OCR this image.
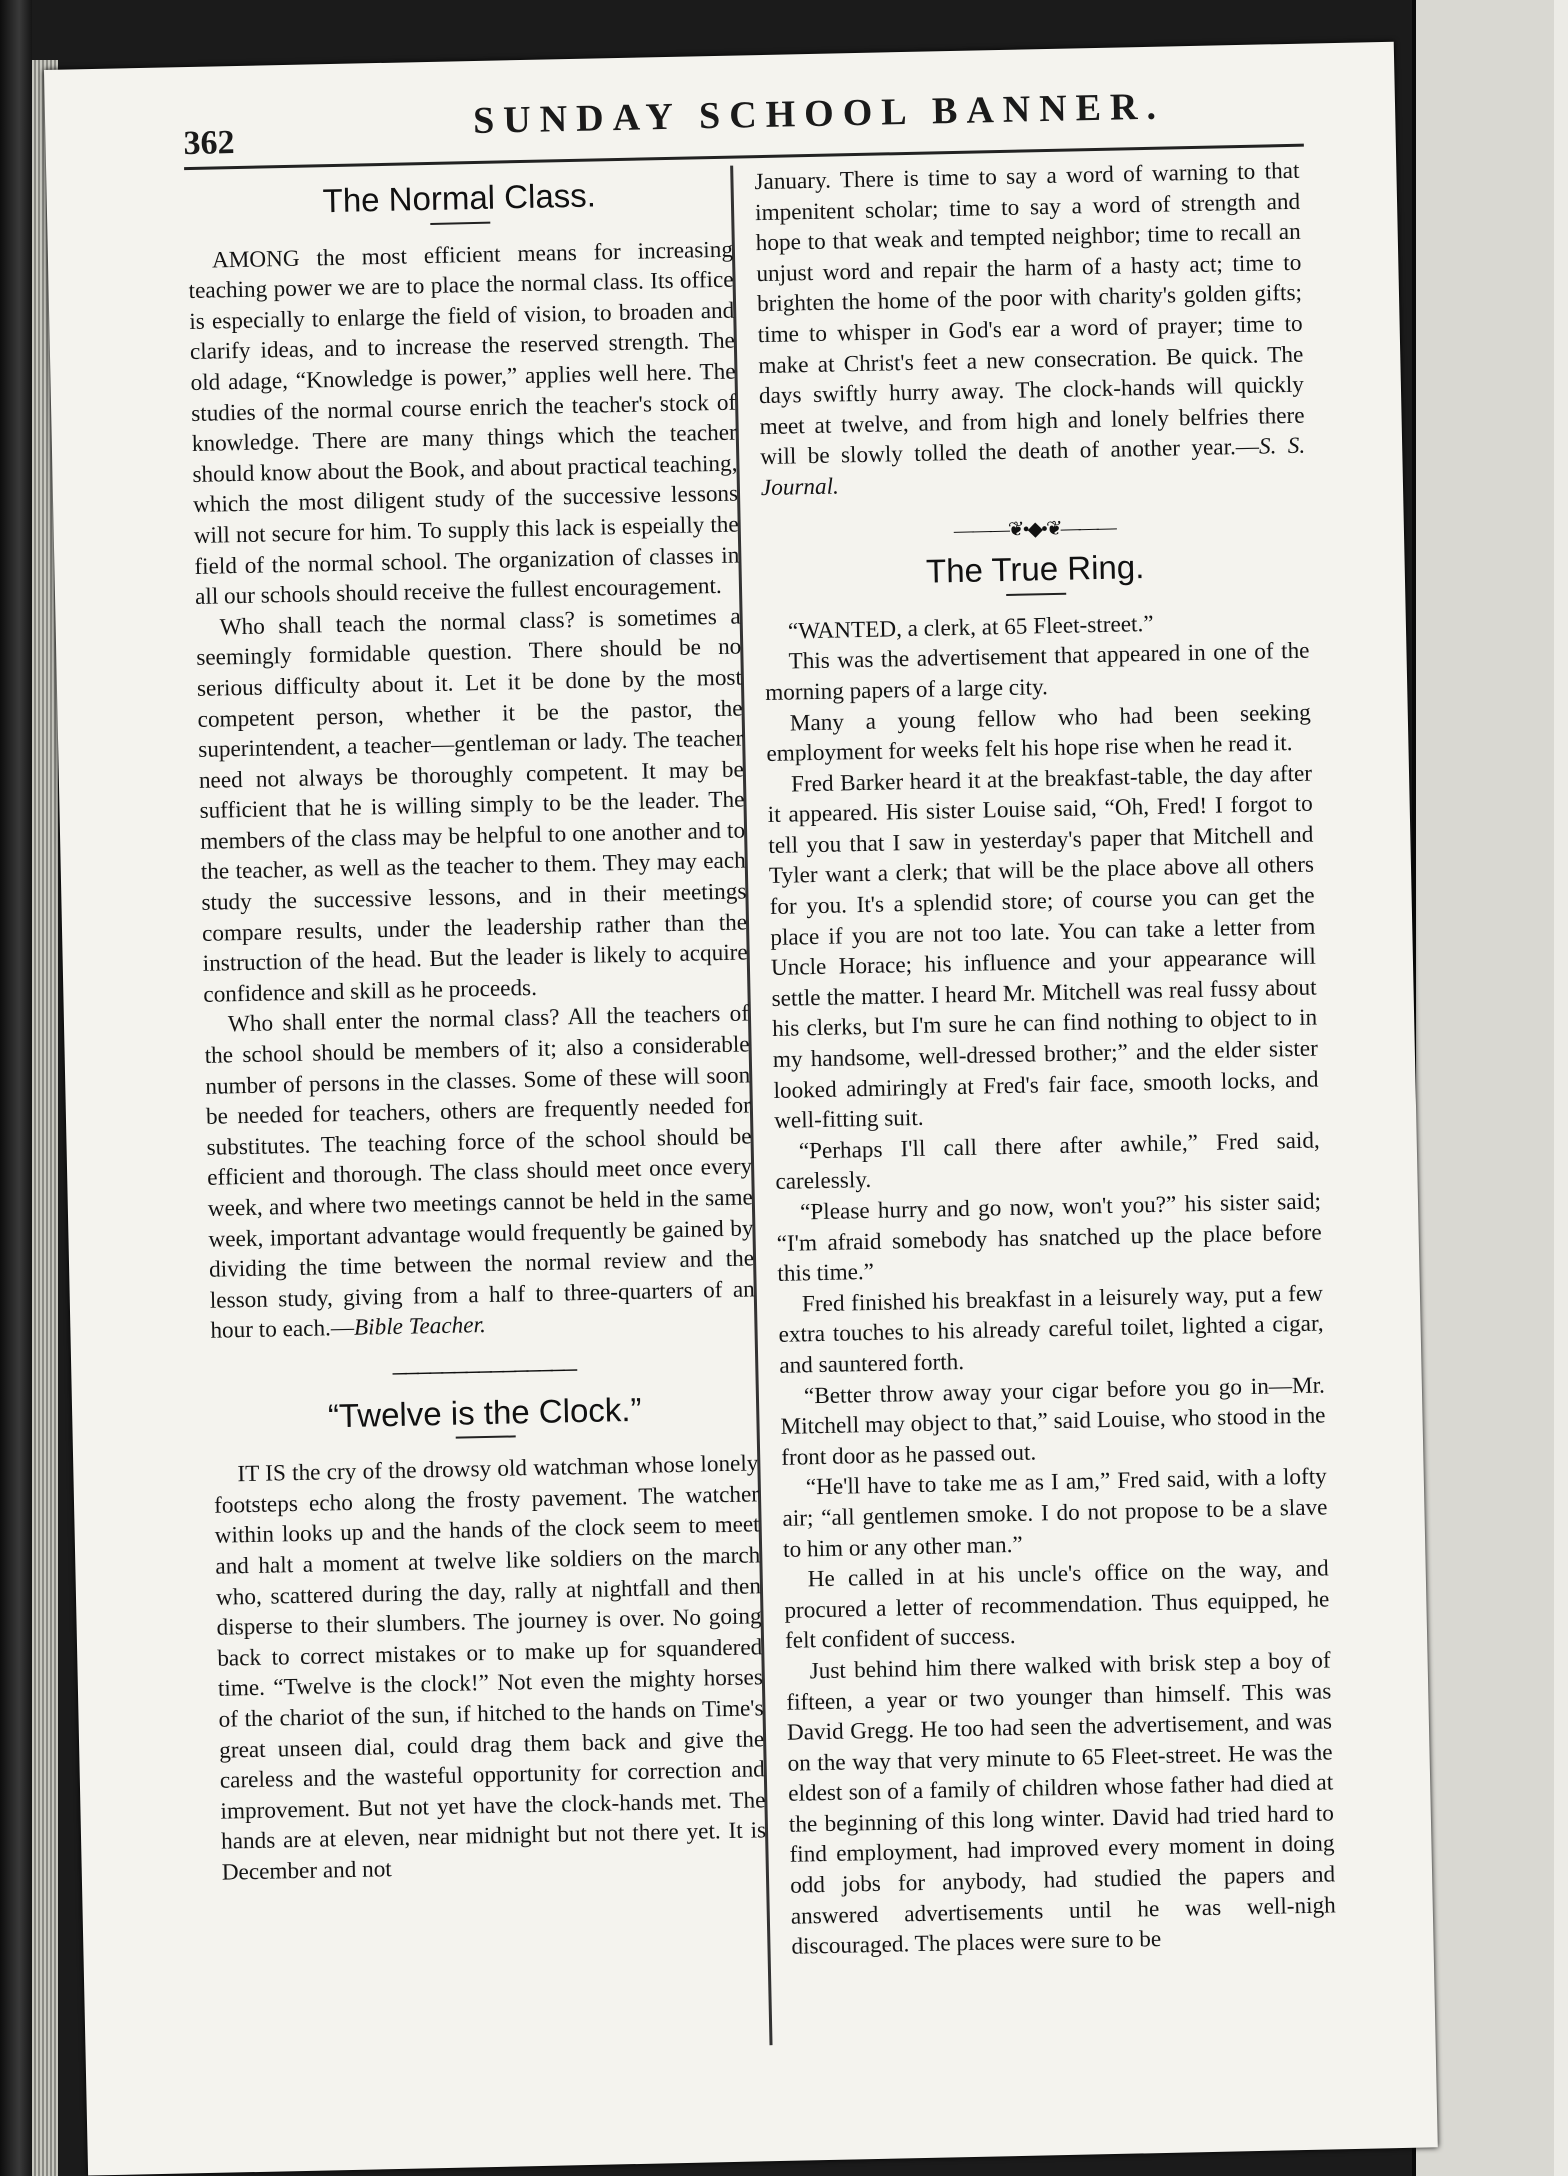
362
SUNDAY SCHOOL BANNER.
The Normal Class.

AMONG the most efficient means for increasing teaching power we are to place the normal class. Its office is especially to enlarge the field of vision, to broaden and clarify ideas, and to increase the reserved strength. The old adage, “Knowledge is power,” applies well here. The studies of the normal course enrich the teacher's stock of knowledge. There are many things which the teacher should know about the Book, and about practical teaching, which the most diligent study of the successive lessons will not secure for him. To supply this lack is espeially the field of the normal school. The organization of classes in all our schools should receive the fullest encouragement.

Who shall teach the normal class? is sometimes a seemingly formidable question. There should be no serious difficulty about it. Let it be done by the most competent person, whether it be the pastor, the superintendent, a teacher—gentleman or lady. The teacher need not always be thoroughly competent. It may be sufficient that he is willing simply to be the leader. The members of the class may be helpful to one another and to the teacher, as well as the teacher to them. They may each study the successive lessons, and in their meetings compare results, under the leadership rather than the instruction of the head. But the leader is likely to acquire confidence and skill as he proceeds.

Who shall enter the normal class? All the teachers of the school should be members of it; also a considerable number of persons in the classes. Some of these will soon be needed for teachers, others are frequently needed for substitutes. The teaching force of the school should be efficient and thorough. The class should meet once every week, and where two meetings cannot be held in the same week, important advantage would frequently be gained by dividing the time between the normal review and the lesson study, giving from a half to three-quarters of an hour to each.—Bible Teacher.

───────────────
“Twelve is the Clock.”

IT IS the cry of the drowsy old watchman whose lonely footsteps echo along the frosty pavement. The watcher within looks up and the hands of the clock seem to meet and halt a moment at twelve like soldiers on the march who, scattered during the day, rally at nightfall and then disperse to their slumbers. The journey is over. No going back to correct mistakes or to make up for squandered time. “Twelve is the clock!” Not even the mighty horses of the chariot of the sun, if hitched to the hands on Time's great unseen dial, could drag them back and give the careless and the wasteful opportunity for correction and improvement. But not yet have the clock-hands met. The hands are at eleven, near midnight but not there yet. It is December and not

January. There is time to say a word of warning to that impenitent scholar; time to say a word of strength and hope to that weak and tempted neighbor; time to recall an unjust word and repair the harm of a hasty act; time to brighten the home of the poor with charity's golden gifts; time to whisper in God's ear a word of prayer; time to make at Christ's feet a new consecration. Be quick. The days swiftly hurry away. The clock-hands will quickly meet at twelve, and from high and lonely belfries there will be slowly tolled the death of another year.—S. S. Journal.

———❦•◆•❦———
The True Ring.

“WANTED, a clerk, at 65 Fleet-street.”

This was the advertisement that appeared in one of the morning papers of a large city.

Many a young fellow who had been seeking employment for weeks felt his hope rise when he read it.

Fred Barker heard it at the breakfast-table, the day after it appeared. His sister Louise said, “Oh, Fred! I forgot to tell you that I saw in yesterday's paper that Mitchell and Tyler want a clerk; that will be the place above all others for you. It's a splendid store; of course you can get the place if you are not too late. You can take a letter from Uncle Horace; his influence and your appearance will settle the matter. I heard Mr. Mitchell was real fussy about his clerks, but I'm sure he can find nothing to object to in my handsome, well-dressed brother;” and the elder sister looked admiringly at Fred's fair face, smooth locks, and well-fitting suit.

“Perhaps I'll call there after awhile,” Fred said, carelessly.

“Please hurry and go now, won't you?” his sister said; “I'm afraid somebody has snatched up the place before this time.”

Fred finished his breakfast in a leisurely way, put a few extra touches to his already careful toilet, lighted a cigar, and sauntered forth.

“Better throw away your cigar before you go in—Mr. Mitchell may object to that,” said Louise, who stood in the front door as he passed out.

“He'll have to take me as I am,” Fred said, with a lofty air; “all gentlemen smoke. I do not propose to be a slave to him or any other man.”

He called in at his uncle's office on the way, and procured a letter of recommendation. Thus equipped, he felt confident of success.

Just behind him there walked with brisk step a boy of fifteen, a year or two younger than himself. This was David Gregg. He too had seen the advertisement, and was on the way that very minute to 65 Fleet-street. He was the eldest son of a family of children whose father had died at the beginning of this long winter. David had tried hard to find employment, had improved every moment in doing odd jobs for anybody, had studied the papers and answered advertisements until he was well-nigh discouraged. The places were sure to be
